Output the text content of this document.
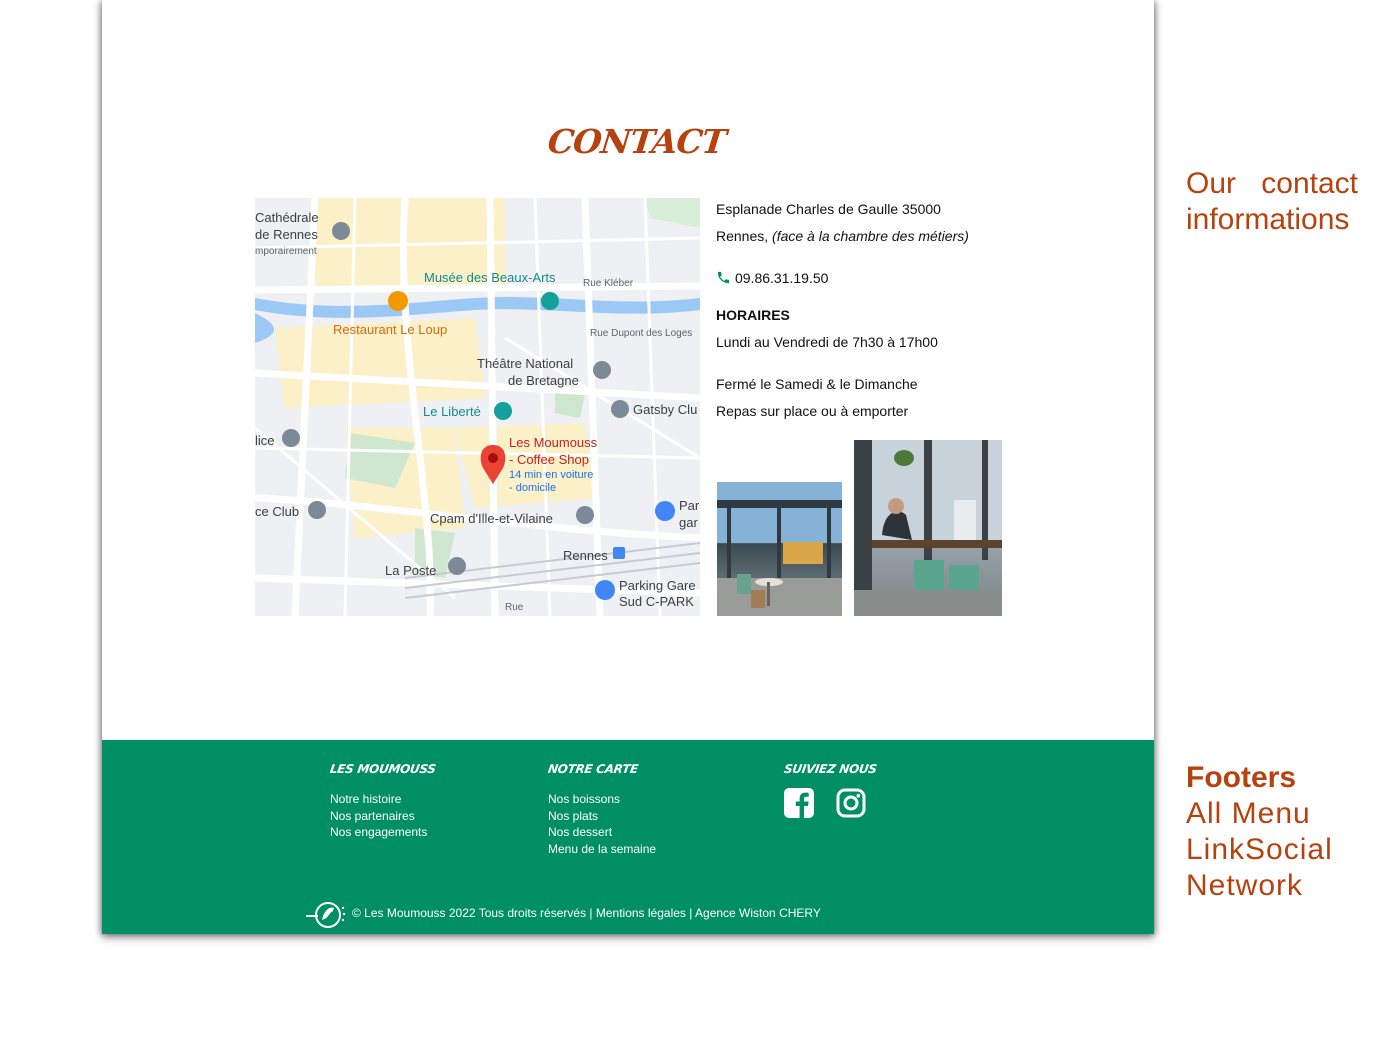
CONTACT
Cathédrale
de Rennes
mporairement
Musée des Beaux-Arts	Rue Kléber
Restaurant Le Loup	Rue Dupont des Loges
Théâtre National
de Bretagne
Le Liberté	Gatsby Clu
lice	Les Moumouss
- Coffee Shop
14 min en voiture
- domicile
ce Club	Cpam d'Ille-et-Vilaine
Par
gar
Rennes
La Poste
Parking Gare
Sud C-PARK
Rue
Esplanade Charles de Gaulle 35000
Rennes, (face à la chambre des métiers)
09.86.31.19.50
HORAIRES
Lundi au Vendredi de 7h30 à 17h00
Fermé le Samedi & le Dimanche
Repas sur place ou à emporter
LES MOUMOUSS
Notre histoire
Nos partenaires
Nos engagements
NOTRE CARTE
Nos boissons
Nos plats
Nos dessert
Menu de la semaine
SUIVIEZ NOUS
© Les Moumouss 2022 Tous droits réservés | Mentions légales | Agence Wiston CHERY
Our contact informations
Footers
All Menu LinkSocial Network
